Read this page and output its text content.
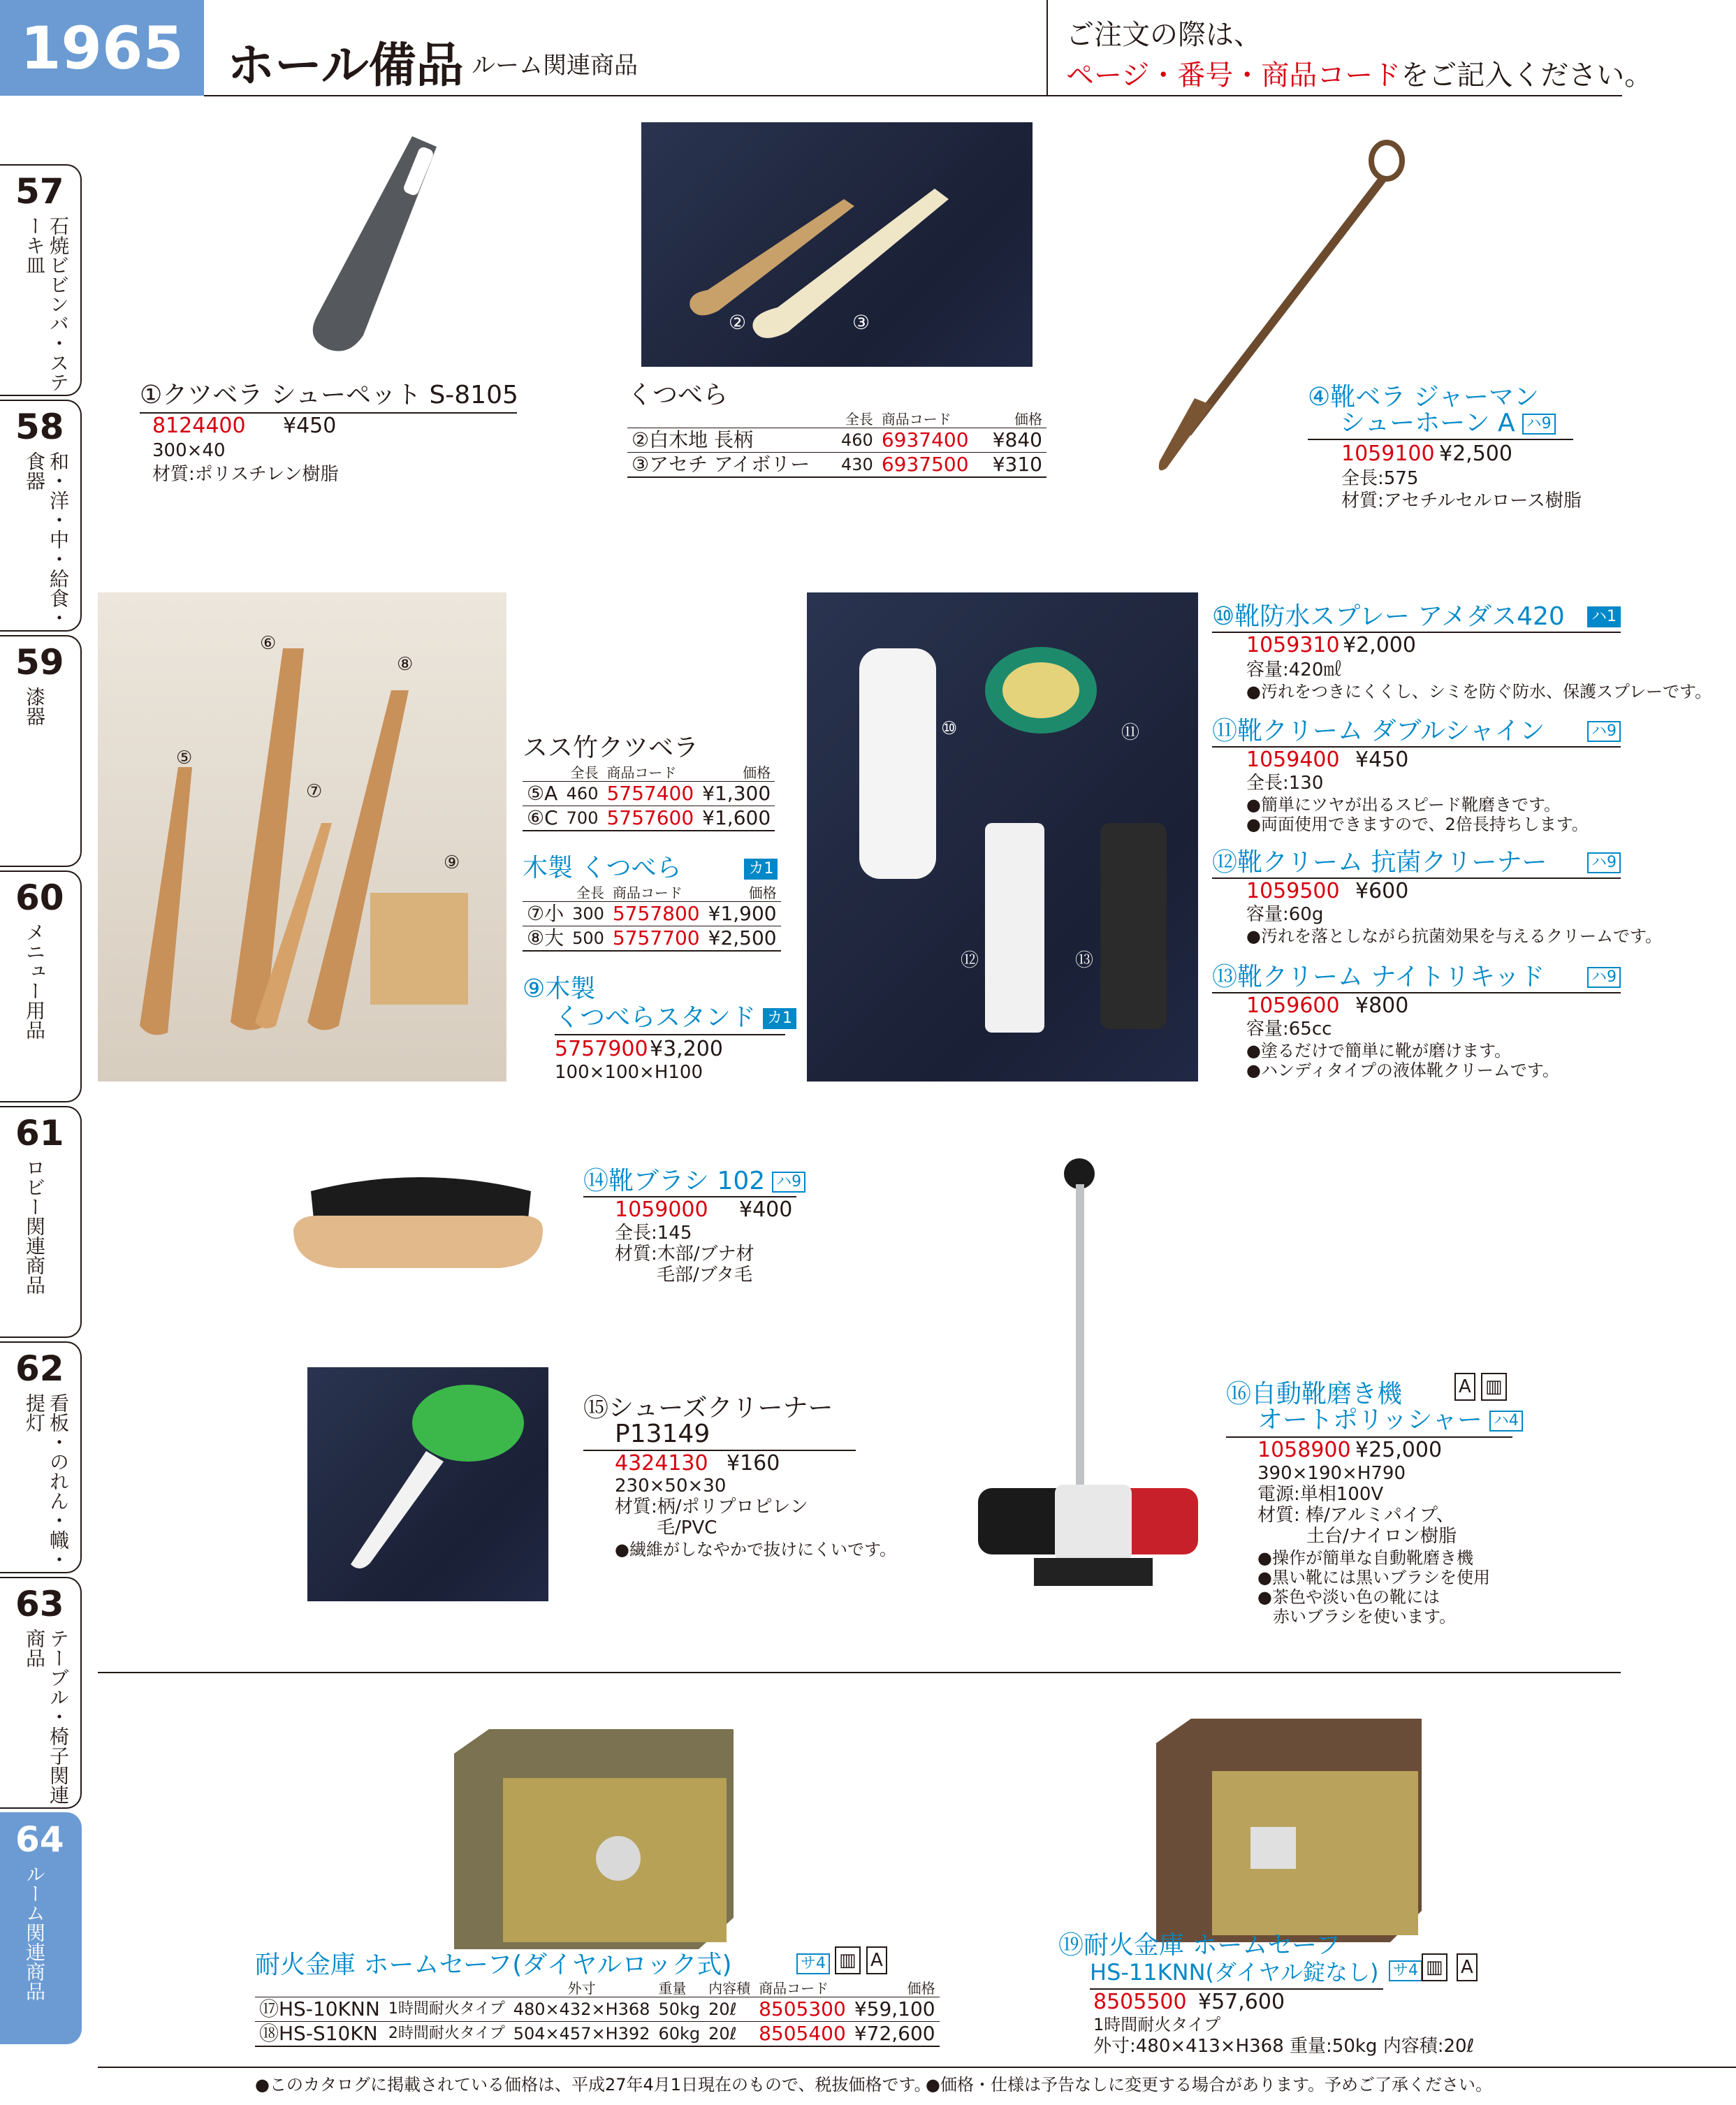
1965 ホール備品 ルーム関連商品
ご注文の際は、
ページ・番号・商品コードをご記入ください。
57
石焼ビビンバ・ステーキ皿
58
和・洋・中・給食・食器
59
漆器
60
メニュー用品
61
ロビー関連商品
62
看板・のれん・幟・提灯
63
テーブル・椅子関連商品
64
ルーム関連商品
①クツベラ シューペット S-8105
8124400 ¥450
300×40
材質:ポリスチレン樹脂
②	③
くつべら
	全長	商品コード	価格
②白木地 長柄	460	6937400	¥840
③アセチ アイボリー	430	6937500	¥310
④靴ベラ ジャーマン
シューホーン A ハ9
1059100 ¥2,500
全長:575
材質:アセチルセルロース樹脂
⑤
⑥
⑦
⑧
⑨
スス竹クツベラ
	全長	商品コード	価格
⑤A	460	5757400	¥1,300
⑥C	700	5757600	¥1,600
木製 くつべら	カ1
	全長	商品コード	価格
⑦小	300	5757800	¥1,900
⑧大	500	5757700	¥2,500
⑨木製
くつべらスタンド カ1
5757900 ¥3,200
100×100×H100
⑩	⑪
⑫	⑬
⑩靴防水スプレー アメダス420 ハ1
1059310 ¥2,000
容量:420㎖
●汚れをつきにくくし、シミを防ぐ防水、保護スプレーです。
⑪靴クリーム ダブルシャイン	ハ9
1059400 ¥450
全長:130
●簡単にツヤが出るスピード靴磨きです。
●両面使用できますので、2倍長持ちします。
⑫靴クリーム 抗菌クリーナー	ハ9
1059500 ¥600
容量:60g
●汚れを落としながら抗菌効果を与えるクリームです。
⑬靴クリーム ナイトリキッド	ハ9
1059600 ¥800
容量:65cc
●塗るだけで簡単に靴が磨けます。
●ハンディタイプの液体靴クリームです。
⑭靴ブラシ 102 ハ9
1059000 ¥400
全長:145
材質:木部/ブナ材
毛部/ブタ毛
⑮シューズクリーナー
P13149
4324130 ¥160
230×50×30
材質:柄/ポリプロピレン
毛/PVC
●繊維がしなやかで抜けにくいです。
⑯自動靴磨き機	A ▥
オートポリッシャー ハ4
1058900 ¥25,000
390×190×H790
電源:単相100V
材質: 棒/アルミパイプ、
土台/ナイロン樹脂
●操作が簡単な自動靴磨き機
●黒い靴には黒いブラシを使用
●茶色や淡い色の靴には
赤いブラシを使います。
耐火金庫 ホームセーフ(ダイヤルロック式)	サ4 ▥ A
		外寸	重量	内容積	商品コード	価格
⑰HS-10KNN	1時間耐火タイプ	480×432×H368	50kg	20ℓ	8505300	¥59,100
⑱HS-S10KN	2時間耐火タイプ	504×457×H392	60kg	20ℓ	8505400	¥72,600
⑲耐火金庫 ホームセーフ
HS-11KNN(ダイヤル錠なし) サ4 ▥ A
8505500 ¥57,600
1時間耐火タイプ
外寸:480×413×H368 重量:50kg 内容積:20ℓ
●このカタログに掲載されている価格は、平成27年4月1日現在のもので、税抜価格です。
●価格・仕様は予告なしに変更する場合があります。予めご了承ください。
